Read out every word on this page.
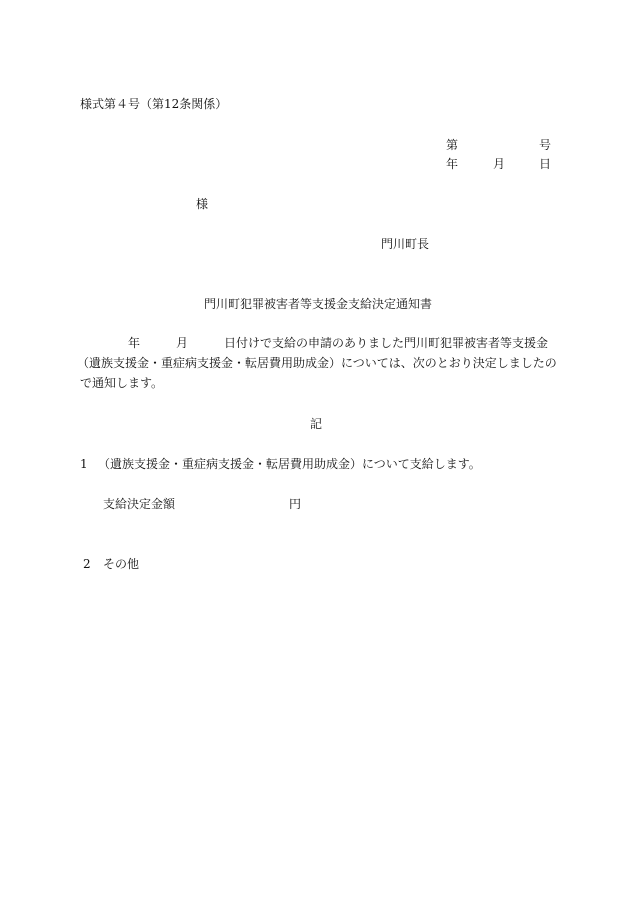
様式第４号（第12条関係）
第	号
年	月	日
様
門川町長
門川町犯罪被害者等支援金支給決定通知書
年	月	日付けで支給の申請のありました門川町犯罪被害者等支援金
（遺族支援金・重症病支援金・転居費用助成金）については、次のとおり決定しましたの
で通知します。
記
1 （遺族支援金・重症病支援金・転居費用助成金）について支給します。
支給決定金額	円
2 その他
